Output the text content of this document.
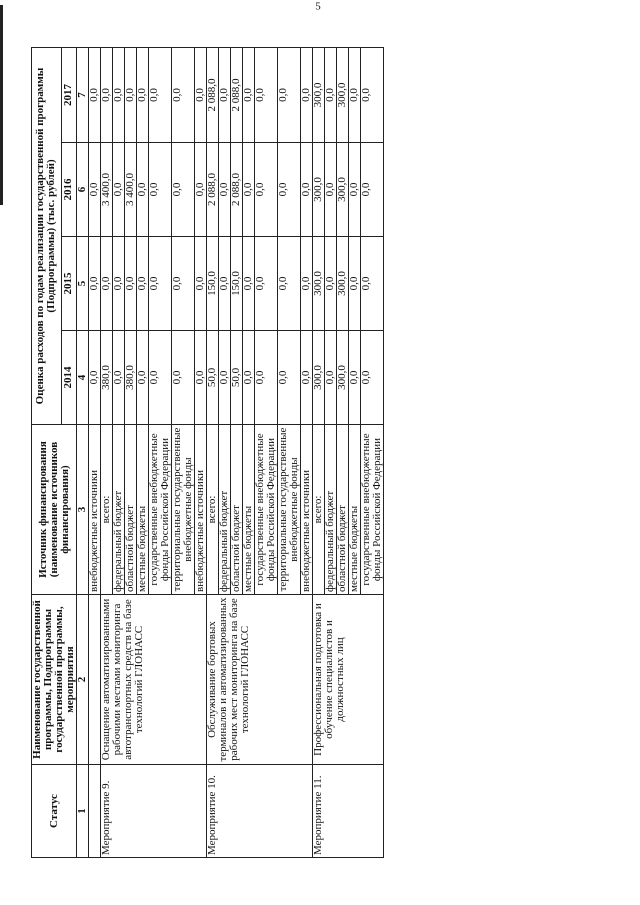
5
Статус	Наименование государственной программы, Подпрограммы государственной программы, мероприятия	Источник финансирования (наименование источников финансирования)	Оценка расходов по годам реализации государственной программы (Подпрограммы) (тыс. рублей)			
			2014	2015	2016	2017
1	2	3	4	5	6	7
		внебюджетные источники	0,0	0,0	0,0	0,0
Мероприятие 9.	Оснащение автоматизированными рабочими местами мониторинга автотранспортных средств на базе технологий ГЛОНАСС	всего:	380,0	0,0	3 400,0	0,0
		федеральный бюджет	0,0	0,0	0,0	0,0
		областной бюджет	380,0	0,0	3 400,0	0,0
		местные бюджеты	0,0	0,0	0,0	0,0
		государственные внебюджетные фонды Российской Федерации	0,0	0,0	0,0	0,0
		территориальные государственные внебюджетные фонды	0,0	0,0	0,0	0,0
		внебюджетные источники	0,0	0,0	0,0	0,0
Мероприятие 10.	Обслуживание бортовых терминалов и автоматизированных рабочих мест мониторинга на базе технологий ГЛОНАСС	всего:	50,0	150,0	2 088,0	2 088,0
		федеральный бюджет	0,0	0,0	0,0	0,0
		областной бюджет	50,0	150,0	2 088,0	2 088,0
		местные бюджеты	0,0	0,0	0,0	0,0
		государственные внебюджетные фонды Российской Федерации	0,0	0,0	0,0	0,0
		территориальные государственные внебюджетные фонды	0,0	0,0	0,0	0,0
		внебюджетные источники	0,0	0,0	0,0	0,0
Мероприятие 11.	Профессиональная подготовка и обучение специалистов и должностных лиц	всего:	300,0	300,0	300,0	300,0
		федеральный бюджет	0,0	0,0	0,0	0,0
		областной бюджет	300,0	300,0	300,0	300,0
		местные бюджеты	0,0	0,0	0,0	0,0
		государственные внебюджетные фонды Российской Федерации	0,0	0,0	0,0	0,0
